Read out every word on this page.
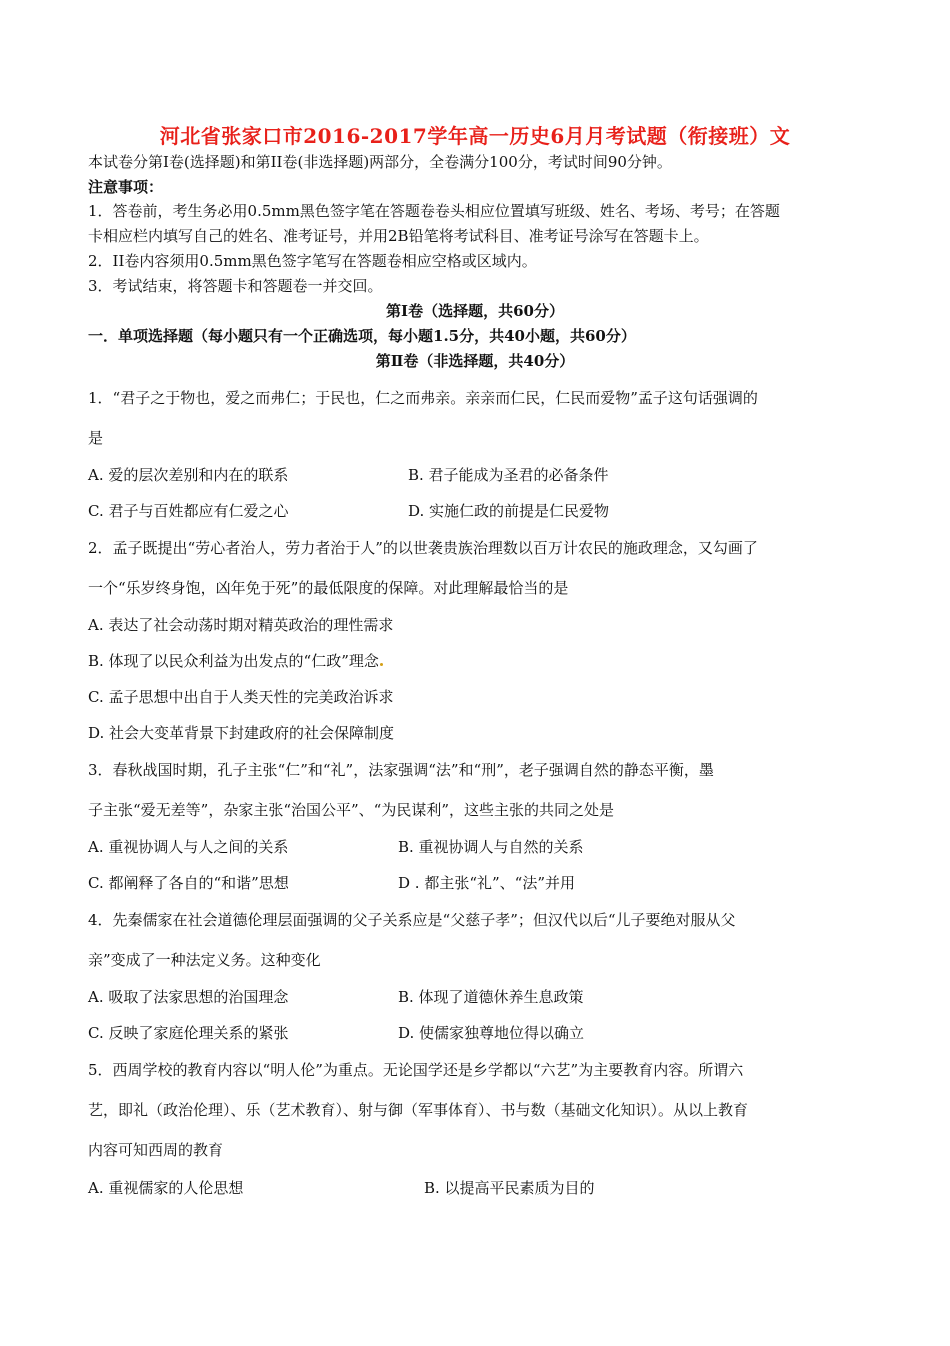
河北省张家口市2016-2017学年高一历史6月月考试题（衔接班）文
本试卷分第Ⅰ卷(选择题)和第II卷(非选择题)两部分，全卷满分100分，考试时间90分钟。
注意事项：
1．答卷前，考生务必用0.5mm黑色签字笔在答题卷卷头相应位置填写班级、姓名、考场、考号；在答题
卡相应栏内填写自己的姓名、准考证号，并用2B铅笔将考试科目、准考证号涂写在答题卡上。
2．II卷内容须用0.5mm黑色签字笔写在答题卷相应空格或区域内。
3．考试结束，将答题卡和答题卷一并交回。
第Ⅰ卷（选择题，共60分）
一．单项选择题（每小题只有一个正确选项，每小题1.5分，共40小题，共60分）
第Ⅱ卷（非选择题，共40分）
1．“君子之于物也，爱之而弗仁；于民也，仁之而弗亲。亲亲而仁民，仁民而爱物”孟子这句话强调的
是
A. 爱的层次差别和内在的联系	B. 君子能成为圣君的必备条件
C. 君子与百姓都应有仁爱之心	D. 实施仁政的前提是仁民爱物
2．孟子既提出“劳心者治人，劳力者治于人”的以世袭贵族治理数以百万计农民的施政理念，又勾画了
一个“乐岁终身饱，凶年免于死”的最低限度的保障。对此理解最恰当的是
A. 表达了社会动荡时期对精英政治的理性需求
B. 体现了以民众利益为出发点的“仁政”理念
C. 孟子思想中出自于人类天性的完美政治诉求
D. 社会大变革背景下封建政府的社会保障制度
3．春秋战国时期，孔子主张“仁”和“礼”，法家强调“法”和“刑”，老子强调自然的静态平衡，墨
子主张“爱无差等”，杂家主张“治国公平”、“为民谋利”，这些主张的共同之处是
A. 重视协调人与人之间的关系	B. 重视协调人与自然的关系
C. 都阐释了各自的“和谐”思想	D . 都主张“礼”、“法”并用
4．先秦儒家在社会道德伦理层面强调的父子关系应是“父慈子孝”；但汉代以后“儿子要绝对服从父
亲”变成了一种法定义务。这种变化
A. 吸取了法家思想的治国理念	B. 体现了道德休养生息政策
C. 反映了家庭伦理关系的紧张	D. 使儒家独尊地位得以确立
5．西周学校的教育内容以“明人伦”为重点。无论国学还是乡学都以“六艺”为主要教育内容。所谓六
艺，即礼（政治伦理）、乐（艺术教育）、射与御（军事体育）、书与数（基础文化知识）。从以上教育
内容可知西周的教育
A. 重视儒家的人伦思想	B. 以提高平民素质为目的
